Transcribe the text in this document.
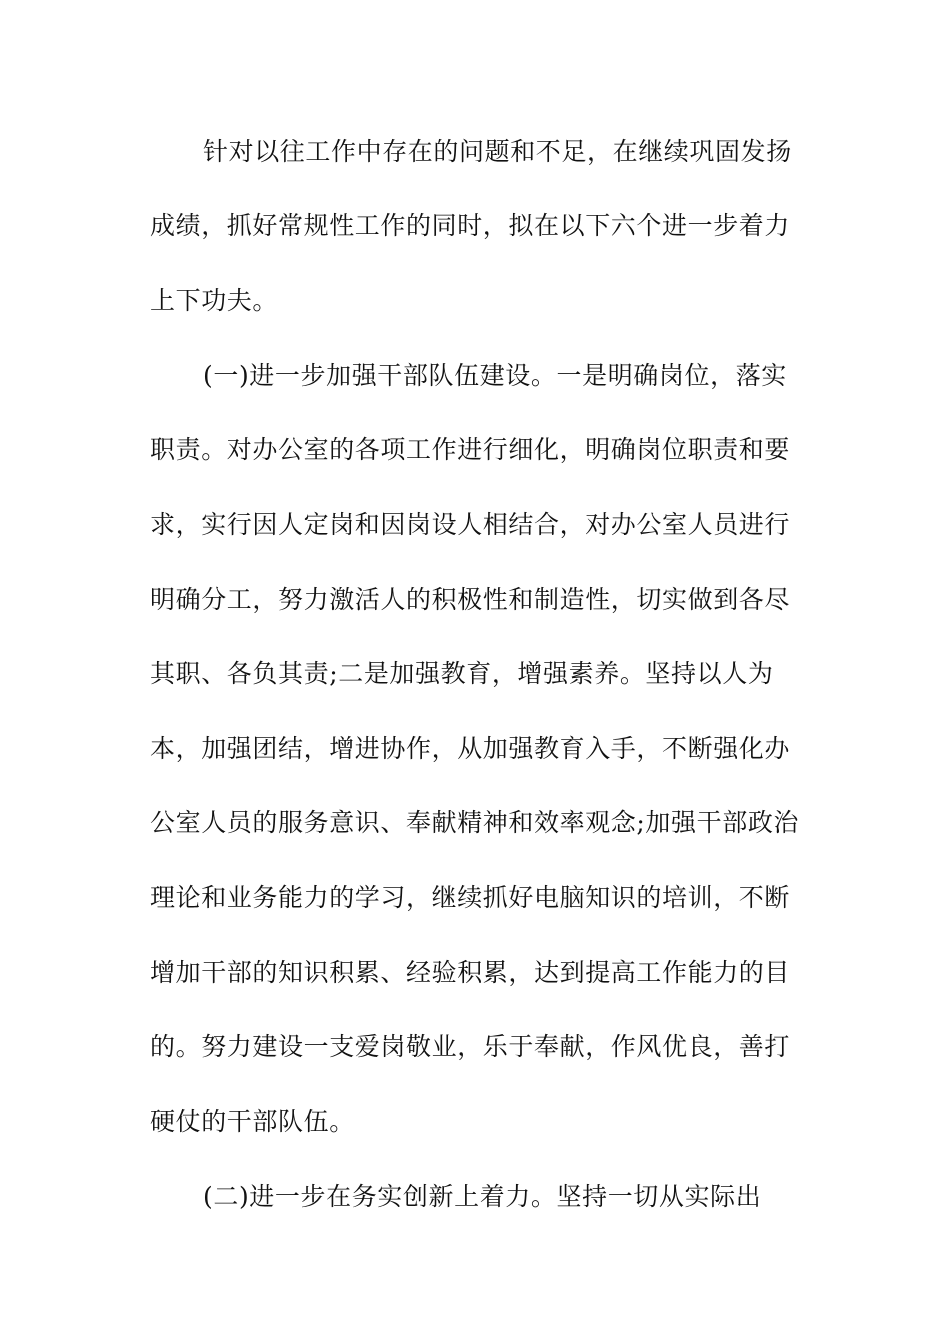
针对以往工作中存在的问题和不足，在继续巩固发扬
成绩，抓好常规性工作的同时，拟在以下六个进一步着力
上下功夫。
(一)进一步加强干部队伍建设。一是明确岗位，落实
职责。对办公室的各项工作进行细化，明确岗位职责和要
求，实行因人定岗和因岗设人相结合，对办公室人员进行
明确分工，努力激活人的积极性和制造性，切实做到各尽
其职、各负其责;二是加强教育，增强素养。坚持以人为
本，加强团结，增进协作，从加强教育入手，不断强化办
公室人员的服务意识、奉献精神和效率观念;加强干部政治
理论和业务能力的学习，继续抓好电脑知识的培训，不断
增加干部的知识积累、经验积累，达到提高工作能力的目
的。努力建设一支爱岗敬业，乐于奉献，作风优良，善打
硬仗的干部队伍。
(二)进一步在务实创新上着力。坚持一切从实际出
